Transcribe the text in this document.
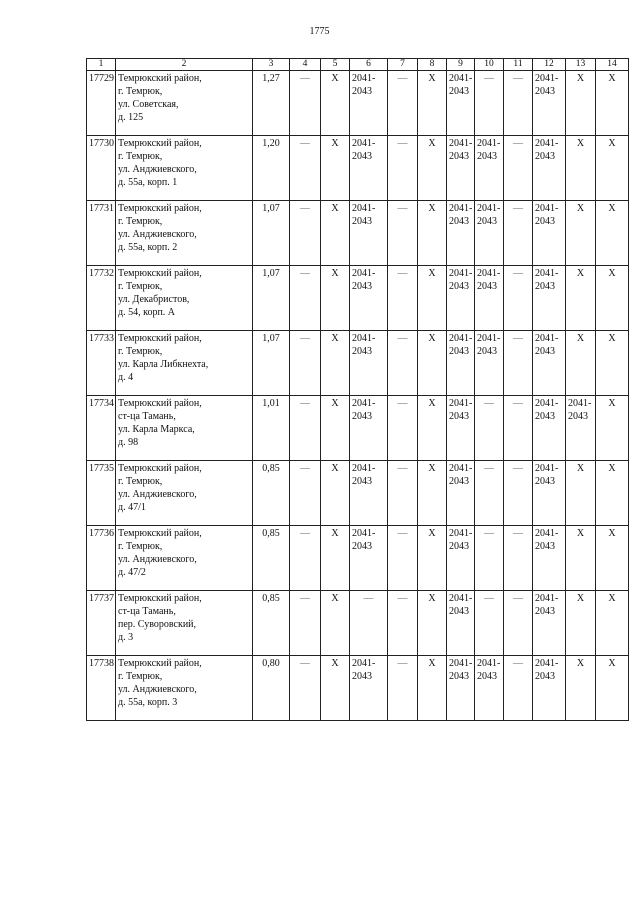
1775
1	2	3	4	5	6	7	8	9	10	11	12	13	14
17729	Темрюкский район,
г. Темрюк,
ул. Советская,
д. 125	1,27	—	X	2041-
2043	—	X	2041-
2043	—	—	2041-
2043	X	X
17730	Темрюкский район,
г. Темрюк,
ул. Анджиевского,
д. 55а, корп. 1	1,20	—	X	2041-
2043	—	X	2041-
2043	2041-
2043	—	2041-
2043	X	X
17731	Темрюкский район,
г. Темрюк,
ул. Анджиевского,
д. 55а, корп. 2	1,07	—	X	2041-
2043	—	X	2041-
2043	2041-
2043	—	2041-
2043	X	X
17732	Темрюкский район,
г. Темрюк,
ул. Декабристов,
д. 54, корп. А	1,07	—	X	2041-
2043	—	X	2041-
2043	2041-
2043	—	2041-
2043	X	X
17733	Темрюкский район,
г. Темрюк,
ул. Карла Либкнехта,
д. 4	1,07	—	X	2041-
2043	—	X	2041-
2043	2041-
2043	—	2041-
2043	X	X
17734	Темрюкский район,
ст-ца Тамань,
ул. Карла Маркса,
д. 98	1,01	—	X	2041-
2043	—	X	2041-
2043	—	—	2041-
2043	2041-
2043	X
17735	Темрюкский район,
г. Темрюк,
ул. Анджиевского,
д. 47/1	0,85	—	X	2041-
2043	—	X	2041-
2043	—	—	2041-
2043	X	X
17736	Темрюкский район,
г. Темрюк,
ул. Анджиевского,
д. 47/2	0,85	—	X	2041-
2043	—	X	2041-
2043	—	—	2041-
2043	X	X
17737	Темрюкский район,
ст-ца Тамань,
пер. Суворовский,
д. 3	0,85	—	X	—	—	X	2041-
2043	—	—	2041-
2043	X	X
17738	Темрюкский район,
г. Темрюк,
ул. Анджиевского,
д. 55а, корп. 3	0,80	—	X	2041-
2043	—	X	2041-
2043	2041-
2043	—	2041-
2043	X	X
